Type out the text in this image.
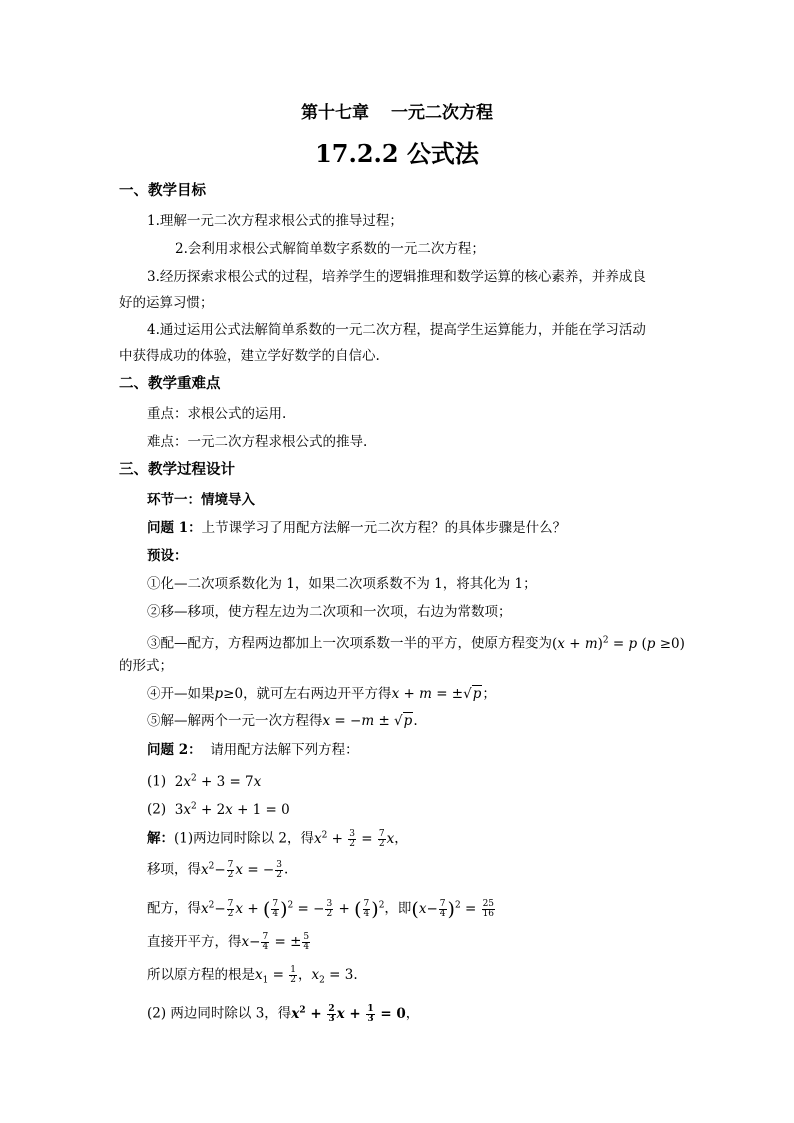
第十七章 一元二次方程
17.2.2 公式法
一、教学目标
1.理解一元二次方程求根公式的推导过程；
2.会利用求根公式解简单数字系数的一元二次方程；
3.经历探索求根公式的过程，培养学生的逻辑推理和数学运算的核心素养，并养成良
好的运算习惯；
4.通过运用公式法解简单系数的一元二次方程，提高学生运算能力，并能在学习活动
中获得成功的体验，建立学好数学的自信心.
二、教学重难点
重点：求根公式的运用.
难点：一元二次方程求根公式的推导.
三、教学过程设计
环节一：情境导入
问题 1：上节课学习了用配方法解一元二次方程？的具体步骤是什么？
预设：
①化—二次项系数化为 1，如果二次项系数不为 1，将其化为 1；
②移—移项，使方程左边为二次项和一次项，右边为常数项；
③配—配方，方程两边都加上一次项系数一半的平方，使原方程变为$(x + m)^2 = p$ (p ≥0)
的形式；
④开—如果p≥0，就可左右两边开平方得x + m = ±√p；
⑤解—解两个一元一次方程得x = −m ± √p.
问题 2： 请用配方法解下列方程：
(1) $2x^2 + 3 = 7x$
(2) $3x^2 + 2x + 1 = 0$
解：(1)两边同时除以 2，得$x^2 + \frac{3}{2} = \frac{7}{2}$ x，
移项，得$x^2- \frac{7}{2}$ x = − $\frac{3}{2}$ .
配方，得$x^2- \frac{7}{2}$ x + ( $\frac{7}{4} )^2$ = − $\frac{3}{2}$ + ( $\frac{7}{4} )^2$，即$(x- \frac{7}{4} )^2 = \frac{25}{16}$
直接开平方，得$x- \frac{7}{4}$ = ± $\frac{5}{4}$
所以原方程的根是$x_1 = \frac{1}{2}$ ，$x_2 = 3$.
(2) 两边同时除以 3，得$x^2 + \frac{2}{3}$ $x + \frac{1}{3} = 0$，
